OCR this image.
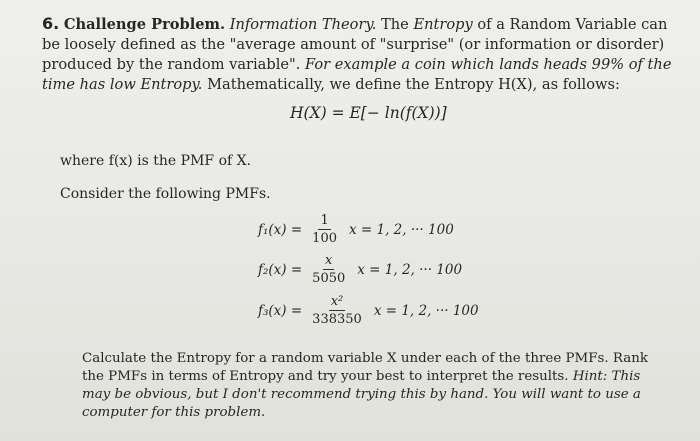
6. Challenge Problem. Information Theory. The Entropy of a Random Variable can be loosely defined as the "average amount of "surprise" (or information or disorder) produced by the random variable". For example a coin which lands heads 99% of the time has low Entropy. Mathematically, we define the Entropy H(X), as follows:
H(X) = E[− ln(f(X))]
where f(x) is the PMF of X.
Consider the following PMFs.
$f_1(x) = \frac{1}{100}$ x = 1, 2, ··· 100
$f_2(x) = \frac{x}{5050}$ x = 1, 2, ··· 100
$f_3(x) = \frac{\text{x²}}{338350}$ x = 1, 2, ··· 100
Calculate the Entropy for a random variable X under each of the three PMFs. Rank the PMFs in terms of Entropy and try your best to interpret the results. Hint: This may be obvious, but I don't recommend trying this by hand. You will want to use a computer for this problem.
